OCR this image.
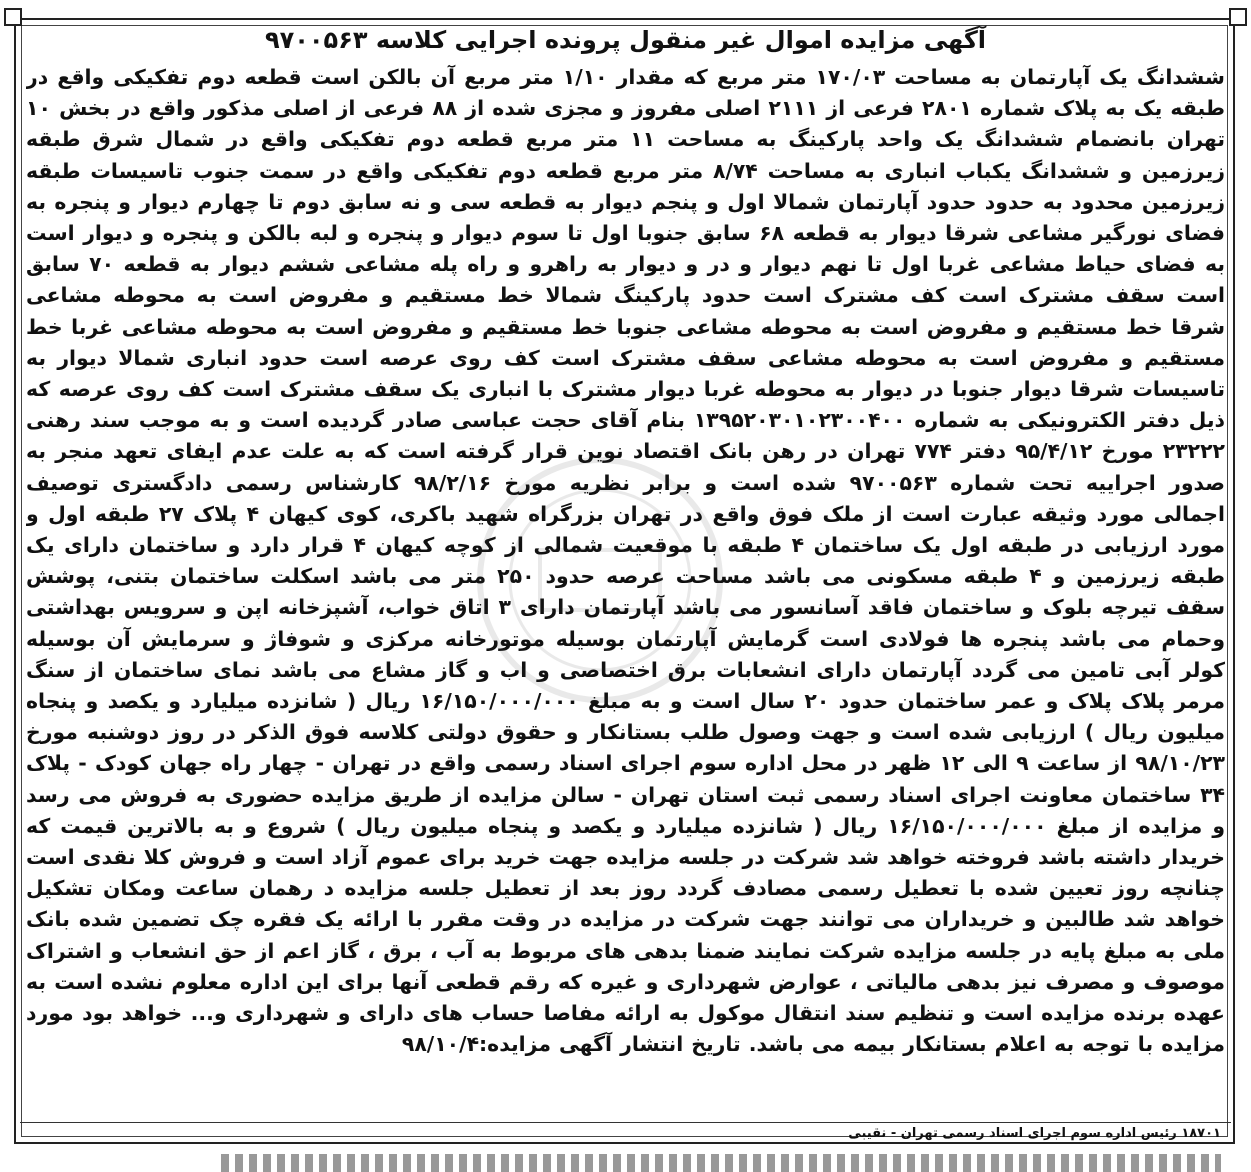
آگهی مزایده اموال غیر منقول پرونده اجرایی کلاسه ۹۷۰۰۵۶۳

ششدانگ یک آپارتمان به مساحت ۱۷۰/۰۳ متر مربع که مقدار ۱/۱۰ متر مربع آن بالکن است قطعه دوم تفکیکی واقع در طبقه یک به پلاک شماره ۲۸۰۱ فرعی از ۲۱۱۱ اصلی مفروز و مجزی شده از ۸۸ فرعی از اصلی مذکور واقع در بخش ۱۰ تهران بانضمام ششدانگ یک واحد پارکینگ به مساحت ۱۱ متر مربع قطعه دوم تفکیکی واقع در شمال شرق طبقه زیرزمین و ششدانگ یکباب انباری به مساحت ۸/۷۴ متر مربع قطعه دوم تفکیکی واقع در سمت جنوب تاسیسات طبقه زیرزمین محدود به حدود حدود آپارتمان شمالا اول و پنجم دیوار به قطعه سی و نه سابق دوم تا چهارم دیوار و پنجره به فضای نورگیر مشاعی شرقا دیوار به قطعه ۶۸ سابق جنوبا اول تا سوم دیوار و پنجره و لبه بالکن و پنجره و دیوار است به فضای حیاط مشاعی غربا اول تا نهم دیوار و در و دیوار به راهرو و راه پله مشاعی ششم دیوار به قطعه ۷۰ سابق است سقف مشترک است کف مشترک است حدود پارکینگ شمالا خط مستقیم و مفروض است به محوطه مشاعی شرقا خط مستقیم و مفروض است به محوطه مشاعی جنوبا خط مستقیم و مفروض است به محوطه مشاعی غربا خط مستقیم و مفروض است به محوطه مشاعی سقف مشترک است کف روی عرصه است حدود انباری شمالا دیوار به تاسیسات شرقا دیوار جنوبا در دیوار به محوطه غربا دیوار مشترک با انباری یک سقف مشترک است کف روی عرصه که ذیل دفتر الکترونیکی به شماره ۱۳۹۵۲۰۳۰۱۰۲۳۰۰۴۰۰ بنام آقای حجت عباسی صادر گردیده است و به موجب سند رهنی ۲۳۲۲۲ مورخ ۹۵/۴/۱۲ دفتر ۷۷۴ تهران در رهن بانک اقتصاد نوین قرار گرفته است که به علت عدم ایفای تعهد منجر به صدور اجراییه تحت شماره ۹۷۰۰۵۶۳ شده است و برابر نظریه مورخ ۹۸/۲/۱۶ کارشناس رسمی دادگستری توصیف اجمالی مورد وثیقه عبارت است از ملک فوق واقع در تهران بزرگراه شهید باکری، کوی کیهان ۴ پلاک ۲۷ طبقه اول و مورد ارزیابی در طبقه اول یک ساختمان ۴ طبقه با موقعیت شمالی از کوچه کیهان ۴ قرار دارد و ساختمان دارای یک طبقه زیرزمین و ۴ طبقه مسکونی می باشد مساحت عرصه حدود ۲۵۰ متر می باشد اسکلت ساختمان بتنی، پوشش سقف تیرچه بلوک و ساختمان فاقد آسانسور می باشد آپارتمان دارای ۳ اتاق خواب، آشپزخانه اپن و سرویس بهداشتی وحمام می باشد پنجره ها فولادی است گرمایش آپارتمان بوسیله موتورخانه مرکزی و شوفاژ و سرمایش آن بوسیله کولر آبی تامین می گردد آپارتمان دارای انشعابات برق اختصاصی و اب و گاز مشاع می باشد نمای ساختمان از سنگ مرمر پلاک پلاک و عمر ساختمان حدود ۲۰ سال است و به مبلغ ۱۶/۱۵۰/۰۰۰/۰۰۰ ریال ( شانزده میلیارد و یکصد و پنجاه میلیون ریال ) ارزیابی شده است و جهت وصول طلب بستانکار و حقوق دولتی کلاسه فوق الذکر در روز دوشنبه مورخ ۹۸/۱۰/۲۳ از ساعت ۹ الی ۱۲ ظهر در محل اداره سوم اجرای اسناد رسمی واقع در تهران - چهار راه جهان کودک - پلاک ۳۴ ساختمان معاونت اجرای اسناد رسمی ثبت استان تهران - سالن مزایده از طریق مزایده حضوری به فروش می رسد و مزایده از مبلغ ۱۶/۱۵۰/۰۰۰/۰۰۰ ریال ( شانزده میلیارد و یکصد و پنجاه میلیون ریال ) شروع و به بالاترین قیمت که خریدار داشته باشد فروخته خواهد شد شرکت در جلسه مزایده جهت خرید برای عموم آزاد است و فروش کلا نقدی است چنانچه روز تعیین شده با تعطیل رسمی مصادف گردد روز بعد از تعطیل جلسه مزایده د رهمان ساعت ومکان تشکیل خواهد شد طالبین و خریداران می توانند جهت شرکت در مزایده در وقت مقرر با ارائه یک فقره چک تضمین شده بانک ملی به مبلغ پایه در جلسه مزایده شرکت نمایند ضمنا بدهی های مربوط به آب ، برق ، گاز اعم از حق انشعاب و اشتراک موصوف و مصرف نیز بدهی مالیاتی ، عوارض شهرداری و غیره که رقم قطعی آنها برای این اداره معلوم نشده است به عهده برنده مزایده است و تنظیم سند انتقال موکول به ارائه مفاصا حساب های دارای و شهرداری و... خواهد بود مورد مزایده با توجه به اعلام بستانکار بیمه می باشد. تاریخ انتشار آگهی مزایده:۹۸/۱۰/۴

۱۸۷۰۱ رئیس اداره سوم اجرای اسناد رسمی تهران - نقیبی
